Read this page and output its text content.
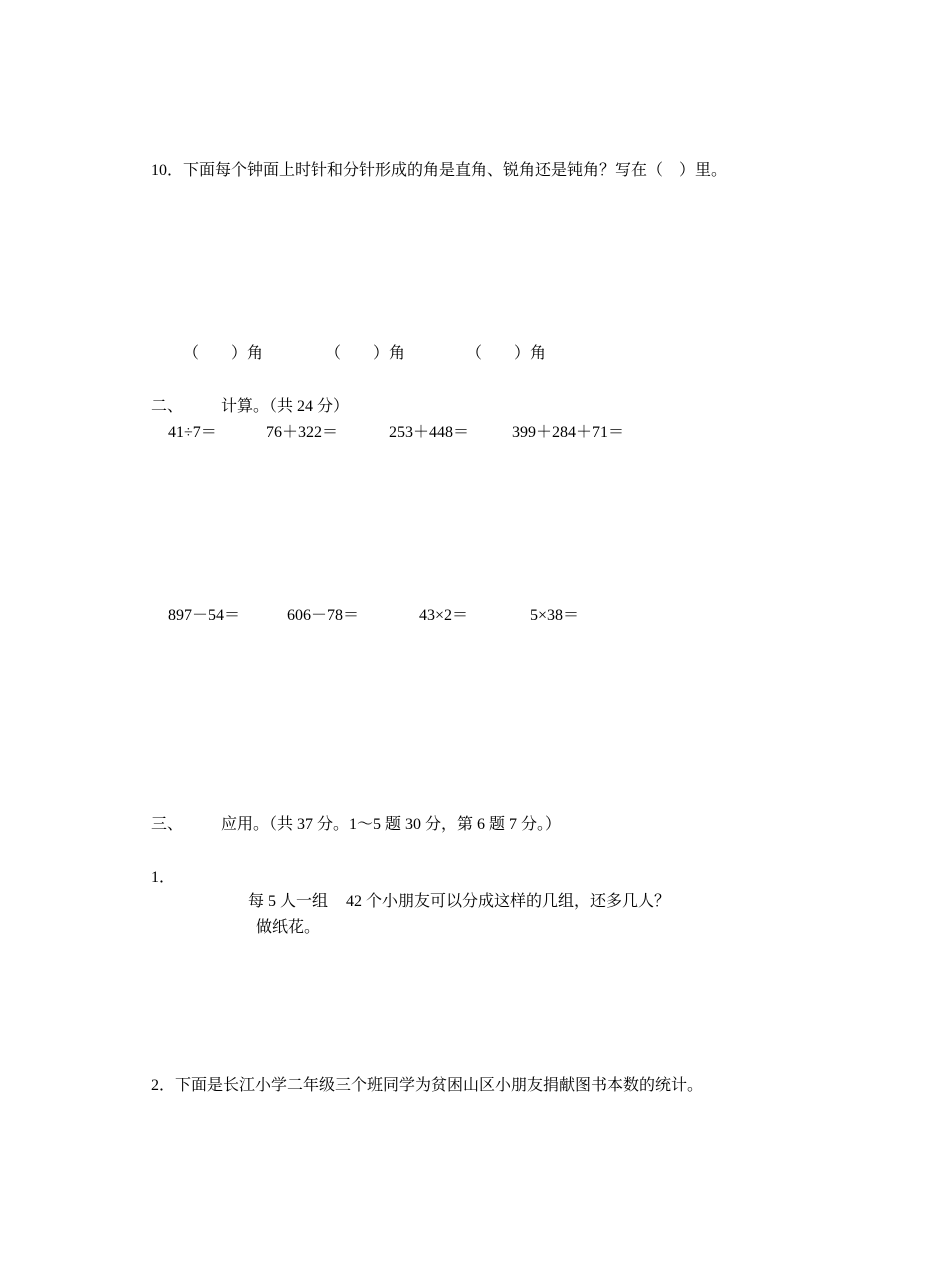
10．下面每个钟面上时针和分针形成的角是直角、锐角还是钝角？写在（　）里。
（　　）角	（　　）角	（　　）角
二、 计算。（共 24 分）
41÷7＝	76＋322＝	253＋448＝	399＋284＋71＝
897－54＝	606－78＝	43×2＝	5×38＝
三、 应用。（共 37 分。1～5 题 30 分，第 6 题 7 分。）
1．
每 5 人一组 42 个小朋友可以分成这样的几组，还多几人？
做纸花。
2．下面是长江小学二年级三个班同学为贫困山区小朋友捐献图书本数的统计。
